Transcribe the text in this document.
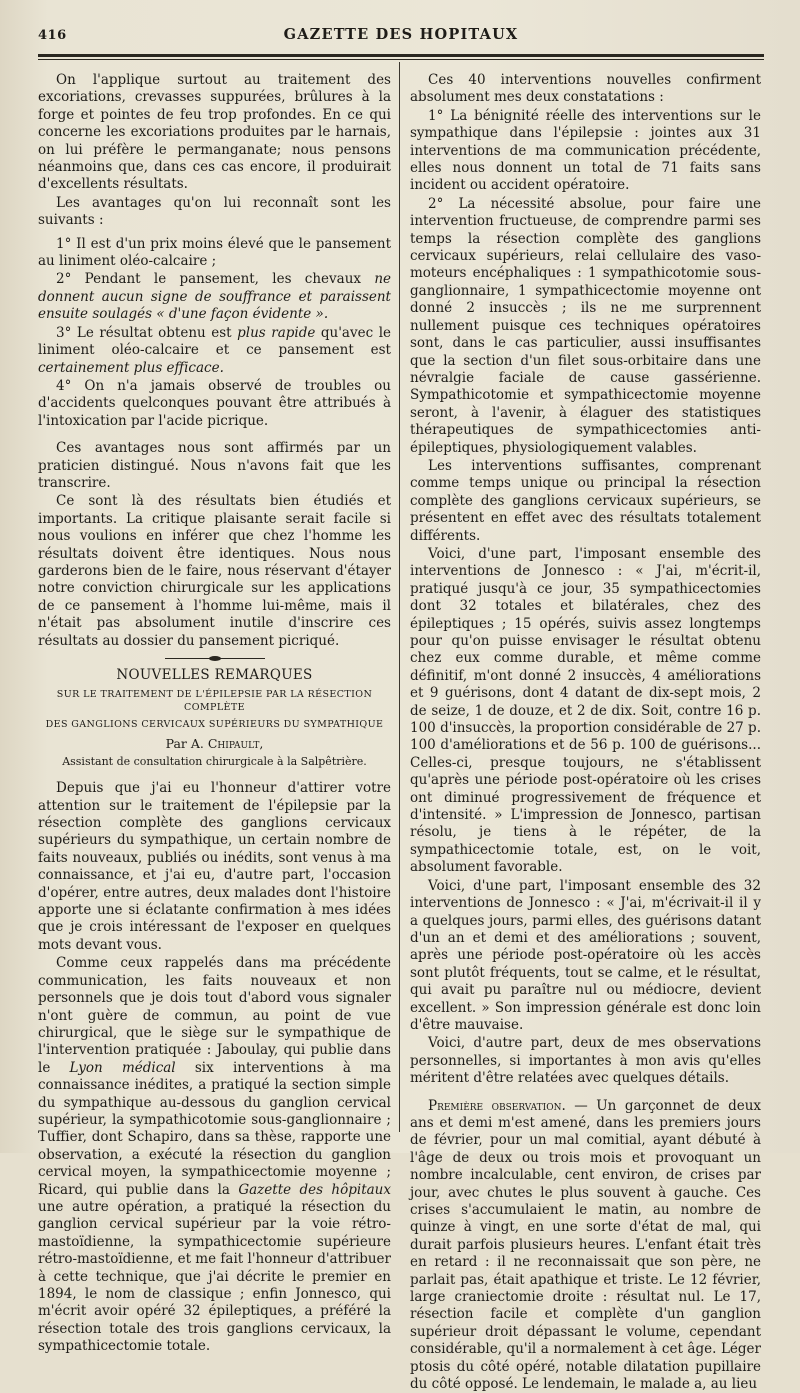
416	GAZETTE DES HOPITAUX

On l'applique surtout au traitement des excoriations, crevasses suppurées, brûlures à la forge et pointes de feu trop profondes. En ce qui concerne les excoriations produites par le harnais, on lui préfère le permanganate; nous pensons néanmoins que, dans ces cas encore, il produirait d'excellents résultats.

Les avantages qu'on lui reconnaît sont les suivants :

1° Il est d'un prix moins élevé que le pansement au liniment oléo-calcaire ;

2° Pendant le pansement, les chevaux ne donnent aucun signe de souffrance et paraissent ensuite soulagés « d'une façon évidente ».

3° Le résultat obtenu est plus rapide qu'avec le liniment oléo-calcaire et ce pansement est certainement plus efficace.

4° On n'a jamais observé de troubles ou d'accidents quelconques pouvant être attribués à l'intoxication par l'acide picrique.

Ces avantages nous sont affirmés par un praticien distingué. Nous n'avons fait que les transcrire.

Ce sont là des résultats bien étudiés et importants. La critique plaisante serait facile si nous voulions en inférer que chez l'homme les résultats doivent être identiques. Nous nous garderons bien de le faire, nous réservant d'étayer notre conviction chirurgicale sur les applications de ce pansement à l'homme lui-même, mais il n'était pas absolument inutile d'inscrire ces résultats au dossier du pansement picriqué.

NOUVELLES REMARQUES
SUR LE TRAITEMENT DE L'ÉPILEPSIE PAR LA RÉSECTION COMPLÈTE
DES GANGLIONS CERVICAUX SUPÉRIEURS DU SYMPATHIQUE
Par A. Chipault,
Assistant de consultation chirurgicale à la Salpêtrière.

Depuis que j'ai eu l'honneur d'attirer votre attention sur le traitement de l'épilepsie par la résection complète des ganglions cervicaux supérieurs du sympathique, un certain nombre de faits nouveaux, publiés ou inédits, sont venus à ma connaissance, et j'ai eu, d'autre part, l'occasion d'opérer, entre autres, deux malades dont l'histoire apporte une si éclatante confirmation à mes idées que je crois intéressant de l'exposer en quelques mots devant vous.

Comme ceux rappelés dans ma précédente communication, les faits nouveaux et non personnels que je dois tout d'abord vous signaler n'ont guère de commun, au point de vue chirurgical, que le siège sur le sympathique de l'intervention pratiquée : Jaboulay, qui publie dans le Lyon médical six interventions à ma connaissance inédites, a pratiqué la section simple du sympathique au-dessous du ganglion cervical supérieur, la sympathicotomie sous-ganglionnaire ; Tuffier, dont Schapiro, dans sa thèse, rapporte une observation, a exécuté la résection du ganglion cervical moyen, la sympathicectomie moyenne ; Ricard, qui publie dans la Gazette des hôpitaux une autre opération, a pratiqué la résection du ganglion cervical supérieur par la voie rétro-mastoïdienne, la sympathicectomie supérieure rétro-mastoïdienne, et me fait l'honneur d'attribuer à cette technique, que j'ai décrite le premier en 1894, le nom de classique ; enfin Jonnesco, qui m'écrit avoir opéré 32 épileptiques, a préféré la résection totale des trois ganglions cervicaux, la sympathicectomie totale.

Ces 40 interventions nouvelles confirment absolument mes deux constatations :

1° La bénignité réelle des interventions sur le sympathique dans l'épilepsie : jointes aux 31 interventions de ma communication précédente, elles nous donnent un total de 71 faits sans incident ou accident opératoire.

2° La nécessité absolue, pour faire une intervention fructueuse, de comprendre parmi ses temps la résection complète des ganglions cervicaux supérieurs, relai cellulaire des vaso-moteurs encéphaliques : 1 sympathicotomie sous-ganglionnaire, 1 sympathicectomie moyenne ont donné 2 insuccès ; ils ne me surprennent nullement puisque ces techniques opératoires sont, dans le cas particulier, aussi insuffisantes que la section d'un filet sous-orbitaire dans une névralgie faciale de cause gassérienne. Sympathicotomie et sympathicectomie moyenne seront, à l'avenir, à élaguer des statistiques thérapeutiques de sympathicectomies anti-épileptiques, physiologiquement valables.

Les interventions suffisantes, comprenant comme temps unique ou principal la résection complète des ganglions cervicaux supérieurs, se présentent en effet avec des résultats totalement différents.

Voici, d'une part, l'imposant ensemble des interventions de Jonnesco : « J'ai, m'écrit-il, pratiqué jusqu'à ce jour, 35 sympathicectomies dont 32 totales et bilatérales, chez des épileptiques ; 15 opérés, suivis assez longtemps pour qu'on puisse envisager le résultat obtenu chez eux comme durable, et même comme définitif, m'ont donné 2 insuccès, 4 améliorations et 9 guérisons, dont 4 datant de dix-sept mois, 2 de seize, 1 de douze, et 2 de dix. Soit, contre 16 p. 100 d'insuccès, la proportion considérable de 27 p. 100 d'améliorations et de 56 p. 100 de guérisons... Celles-ci, presque toujours, ne s'établissent qu'après une période post-opératoire où les crises ont diminué progressivement de fréquence et d'intensité. » L'impression de Jonnesco, partisan résolu, je tiens à le répéter, de la sympathicectomie totale, est, on le voit, absolument favorable.

Voici, d'une part, l'imposant ensemble des 32 interventions de Jonnesco : « J'ai, m'écrivait-il il y a quelques jours, parmi elles, des guérisons datant d'un an et demi et des améliorations ; souvent, après une période post-opératoire où les accès sont plutôt fréquents, tout se calme, et le résultat, qui avait pu paraître nul ou médiocre, devient excellent. » Son impression générale est donc loin d'être mauvaise.

Voici, d'autre part, deux de mes observations personnelles, si importantes à mon avis qu'elles méritent d'être relatées avec quelques détails.

Première observation. — Un garçonnet de deux ans et demi m'est amené, dans les premiers jours de février, pour un mal comitial, ayant débuté à l'âge de deux ou trois mois et provoquant un nombre incalculable, cent environ, de crises par jour, avec chutes le plus souvent à gauche. Ces crises s'accumulaient le matin, au nombre de quinze à vingt, en une sorte d'état de mal, qui durait parfois plusieurs heures. L'enfant était très en retard : il ne reconnaissait que son père, ne parlait pas, était apathique et triste. Le 12 février, large craniectomie droite : résultat nul. Le 17, résection facile et complète d'un ganglion supérieur droit dépassant le volume, cependant considérable, qu'il a normalement à cet âge. Léger ptosis du côté opéré, notable dilatation pupillaire du côté opposé. Le lendemain, le malade a, au lieu
